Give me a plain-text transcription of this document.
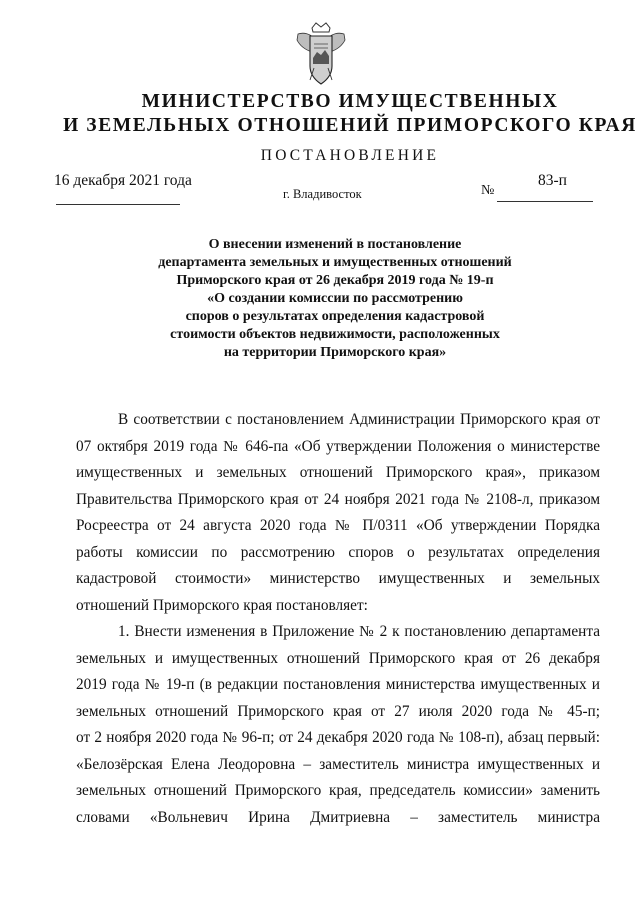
МИНИСТЕРСТВО ИМУЩЕСТВЕННЫХ
И ЗЕМЕЛЬНЫХ ОТНОШЕНИЙ ПРИМОРСКОГО КРАЯ
ПОСТАНОВЛЕНИЕ
16 декабря 2021 года
г. Владивосток	№
83-п
О внесении изменений в постановление
департамента земельных и имущественных отношений
Приморского края от 26 декабря 2019 года № 19-п
«О создании комиссии по рассмотрению
споров о результатах определения кадастровой
стоимости объектов недвижимости, расположенных
на территории Приморского края»
В соответствии с постановлением Администрации Приморского края от
07 октября 2019 года № 646-па «Об утверждении Положения о министерстве
имущественных и земельных отношений Приморского края», приказом
Правительства Приморского края от 24 ноября 2021 года № 2108-л, приказом
Росреестра от 24 августа 2020 года № П/0311 «Об утверждении Порядка
работы комиссии по рассмотрению споров о результатах определения
кадастровой стоимости» министерство имущественных и земельных
отношений Приморского края постановляет:
1. Внести изменения в Приложение № 2 к постановлению департамента
земельных и имущественных отношений Приморского края от 26 декабря
2019 года № 19-п (в редакции постановления министерства имущественных и
земельных отношений Приморского края от 27 июля 2020 года № 45-п;
от 2 ноября 2020 года № 96-п; от 24 декабря 2020 года № 108-п), абзац первый:
«Белозёрская Елена Леодоровна – заместитель министра имущественных и
земельных отношений Приморского края, председатель комиссии» заменить
словами «Вольневич Ирина Дмитриевна – заместитель министра
